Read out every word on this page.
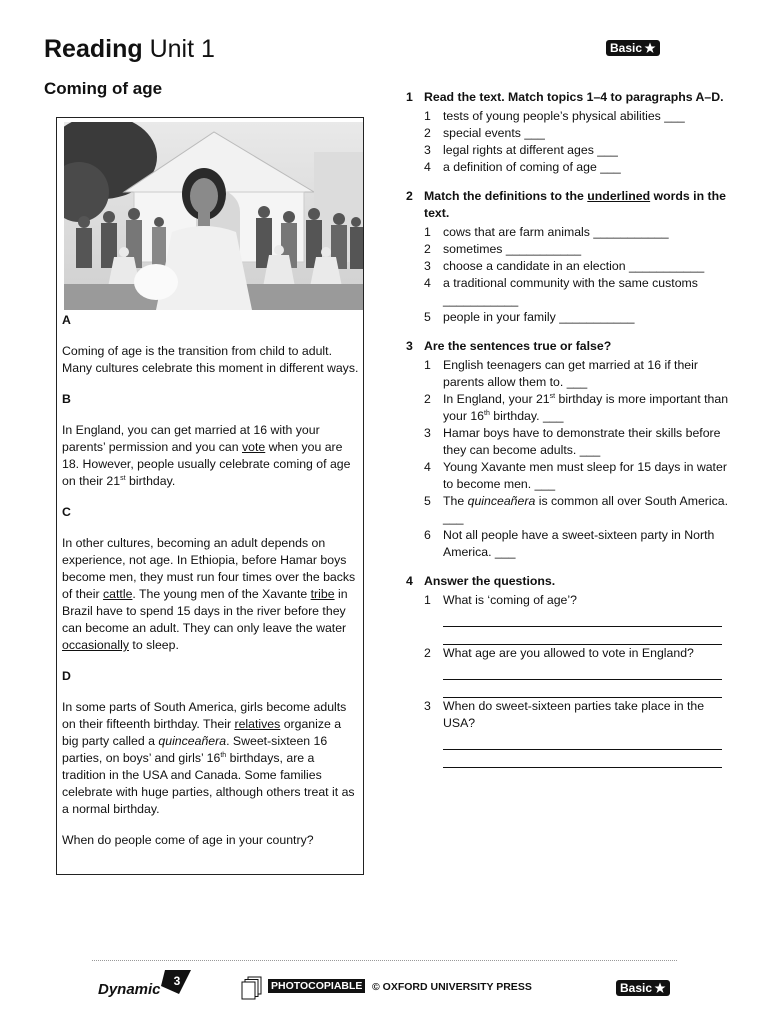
Reading Unit 1
Coming of age
Basic
A

Coming of age is the transition from child to adult. Many cultures celebrate this moment in different ways.

B

In England, you can get married at 16 with your parents’ permission and you can vote when you are 18. However, people usually celebrate coming of age on their 21st birthday.

C

In other cultures, becoming an adult depends on experience, not age. In Ethiopia, before Hamar boys become men, they must run four times over the backs of their cattle. The young men of the Xavante tribe in Brazil have to spend 15 days in the river before they can become an adult. They can only leave the water occasionally to sleep.

D

In some parts of South America, girls become adults on their fifteenth birthday. Their relatives organize a big party called a quinceañera. Sweet-sixteen 16 parties, on boys’ and girls’ 16th birthdays, are a tradition in the USA and Canada. Some families celebrate with huge parties, although others treat it as a normal birthday.

When do people come of age in your country?

1 Read the text. Match topics 1–4 to paragraphs A–D.
1 tests of young people’s physical abilities ___
2 special events ___
3 legal rights at different ages ___
4 a definition of coming of age ___
2 Match the definitions to the underlined words in the text.
1 cows that are farm animals ___________
2 sometimes ___________
3 choose a candidate in an election ___________
4 a traditional community with the same customs
___________
5 people in your family ___________
3 Are the sentences true or false?
1 English teenagers can get married at 16 if their parents allow them to. ___
2 In England, your 21st birthday is more important than your 16th birthday. ___
3 Hamar boys have to demonstrate their skills before they can become adults. ___
4 Young Xavante men must sleep for 15 days in water to become men. ___
5 The quinceañera is common all over South America. ___
6 Not all people have a sweet-sixteen party in North America. ___
4 Answer the questions.
1 What is ‘coming of age’?
2 What age are you allowed to vote in England?
3 When do sweet-sixteen parties take place in the USA?
3
Dynamic	PHOTOCOPIABLE © OXFORD UNIVERSITY PRESS	Basic
